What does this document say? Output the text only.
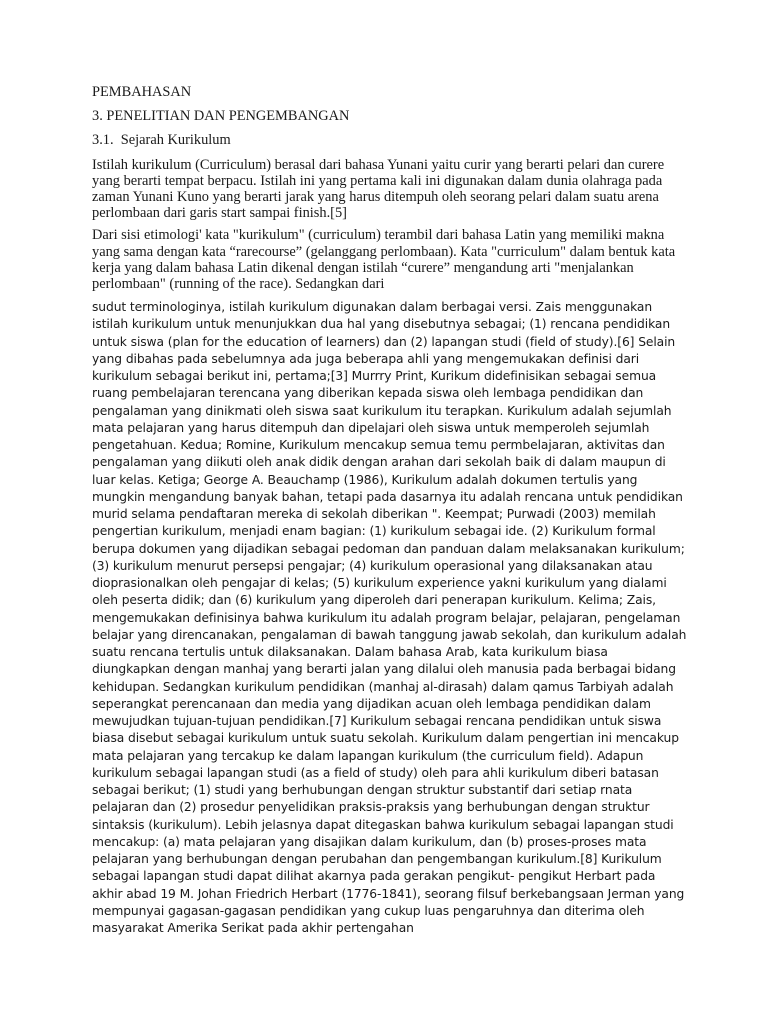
PEMBAHASAN
3. PENELITIAN DAN PENGEMBANGAN
3.1.  Sejarah Kurikulum

Istilah kurikulum (Curriculum) berasal dari bahasa Yunani yaitu curir yang berarti pelari dan curere yang berarti tempat berpacu. Istilah ini yang pertama kali ini digunakan dalam dunia olahraga pada zaman Yunani Kuno yang berarti jarak yang harus ditempuh oleh seorang pelari dalam suatu arena perlombaan dari garis start sampai finish.[5]

Dari sisi etimologi' kata "kurikulum" (curriculum) terambil dari bahasa Latin yang memiliki makna yang sama dengan kata “rarecourse” (gelanggang perlombaan). Kata "curriculum" dalam bentuk kata kerja yang dalam bahasa Latin dikenal dengan istilah “curere” mengandung arti "menjalankan perlombaan" (running of the race). Sedangkan dari

sudut terminologinya, istilah kurikulum digunakan dalam berbagai versi. Zais menggunakan istilah kurikulum untuk menunjukkan dua hal yang disebutnya sebagai; (1) rencana pendidikan untuk siswa (plan for the education of learners) dan (2) lapangan studi (field of study).[6] Selain yang dibahas pada sebelumnya ada juga beberapa ahli yang mengemukakan definisi dari kurikulum sebagai berikut ini, pertama;[3] Murrry Print, Kurikum didefinisikan sebagai semua ruang pembelajaran terencana yang diberikan kepada siswa oleh lembaga pendidikan dan pengalaman yang dinikmati oleh siswa saat kurikulum itu terapkan. Kurikulum adalah sejumlah mata pelajaran yang harus ditempuh dan dipelajari oleh siswa untuk memperoleh sejumlah pengetahuan. Kedua; Romine, Kurikulum mencakup semua temu permbelajaran, aktivitas dan pengalaman yang diikuti oleh anak didik dengan arahan dari sekolah baik di dalam maupun di luar kelas. Ketiga; George A. Beauchamp (1986), Kurikulum adalah dokumen tertulis yang mungkin mengandung banyak bahan, tetapi pada dasarnya itu adalah rencana untuk pendidikan murid selama pendaftaran mereka di sekolah diberikan ". Keempat; Purwadi (2003) memilah pengertian kurikulum, menjadi enam bagian: (1) kurikulum sebagai ide. (2) Kurikulum formal berupa dokumen yang dijadikan sebagai pedoman dan panduan dalam melaksanakan kurikulum; (3) kurikulum menurut persepsi pengajar; (4) kurikulum operasional yang dilaksanakan atau dioprasionalkan oleh pengajar di kelas; (5) kurikulum experience yakni kurikulum yang dialami oleh peserta didik; dan (6) kurikulum yang diperoleh dari penerapan kurikulum. Kelima; Zais, mengemukakan definisinya bahwa kurikulum itu adalah program belajar, pelajaran, pengelaman belajar yang direncanakan, pengalaman di bawah tanggung jawab sekolah, dan kurikulum adalah suatu rencana tertulis untuk dilaksanakan. Dalam bahasa Arab, kata kurikulum biasa diungkapkan dengan manhaj yang berarti jalan yang dilalui oleh manusia pada berbagai bidang kehidupan. Sedangkan kurikulum pendidikan (manhaj al-dirasah) dalam qamus Tarbiyah adalah seperangkat perencanaan dan media yang dijadikan acuan oleh lembaga pendidikan dalam mewujudkan tujuan-tujuan pendidikan.[7] Kurikulum sebagai rencana pendidikan untuk siswa biasa disebut sebagai kurikulum untuk suatu sekolah. Kurikulum dalam pengertian ini mencakup mata pelajaran yang tercakup ke dalam lapangan kurikulum (the curriculum field). Adapun kurikulum sebagai lapangan studi (as a field of study) oleh para ahli kurikulum diberi batasan sebagai berikut; (1) studi yang berhubungan dengan struktur substantif dari setiap rnata pelajaran dan (2) prosedur penyelidikan praksis-praksis yang berhubungan dengan struktur sintaksis (kurikulum). Lebih jelasnya dapat ditegaskan bahwa kurikulum sebagai lapangan studi mencakup: (a) mata pelajaran yang disajikan dalam kurikulum, dan (b) proses-proses mata pelajaran yang berhubungan dengan perubahan dan pengembangan kurikulum.[8] Kurikulum sebagai lapangan studi dapat dilihat akarnya pada gerakan pengikut- pengikut Herbart pada akhir abad 19 M. Johan Friedrich Herbart (1776-1841), seorang filsuf berkebangsaan Jerman yang mempunyai gagasan-gagasan pendidikan yang cukup luas pengaruhnya dan diterima oleh masyarakat Amerika Serikat pada akhir pertengahan
